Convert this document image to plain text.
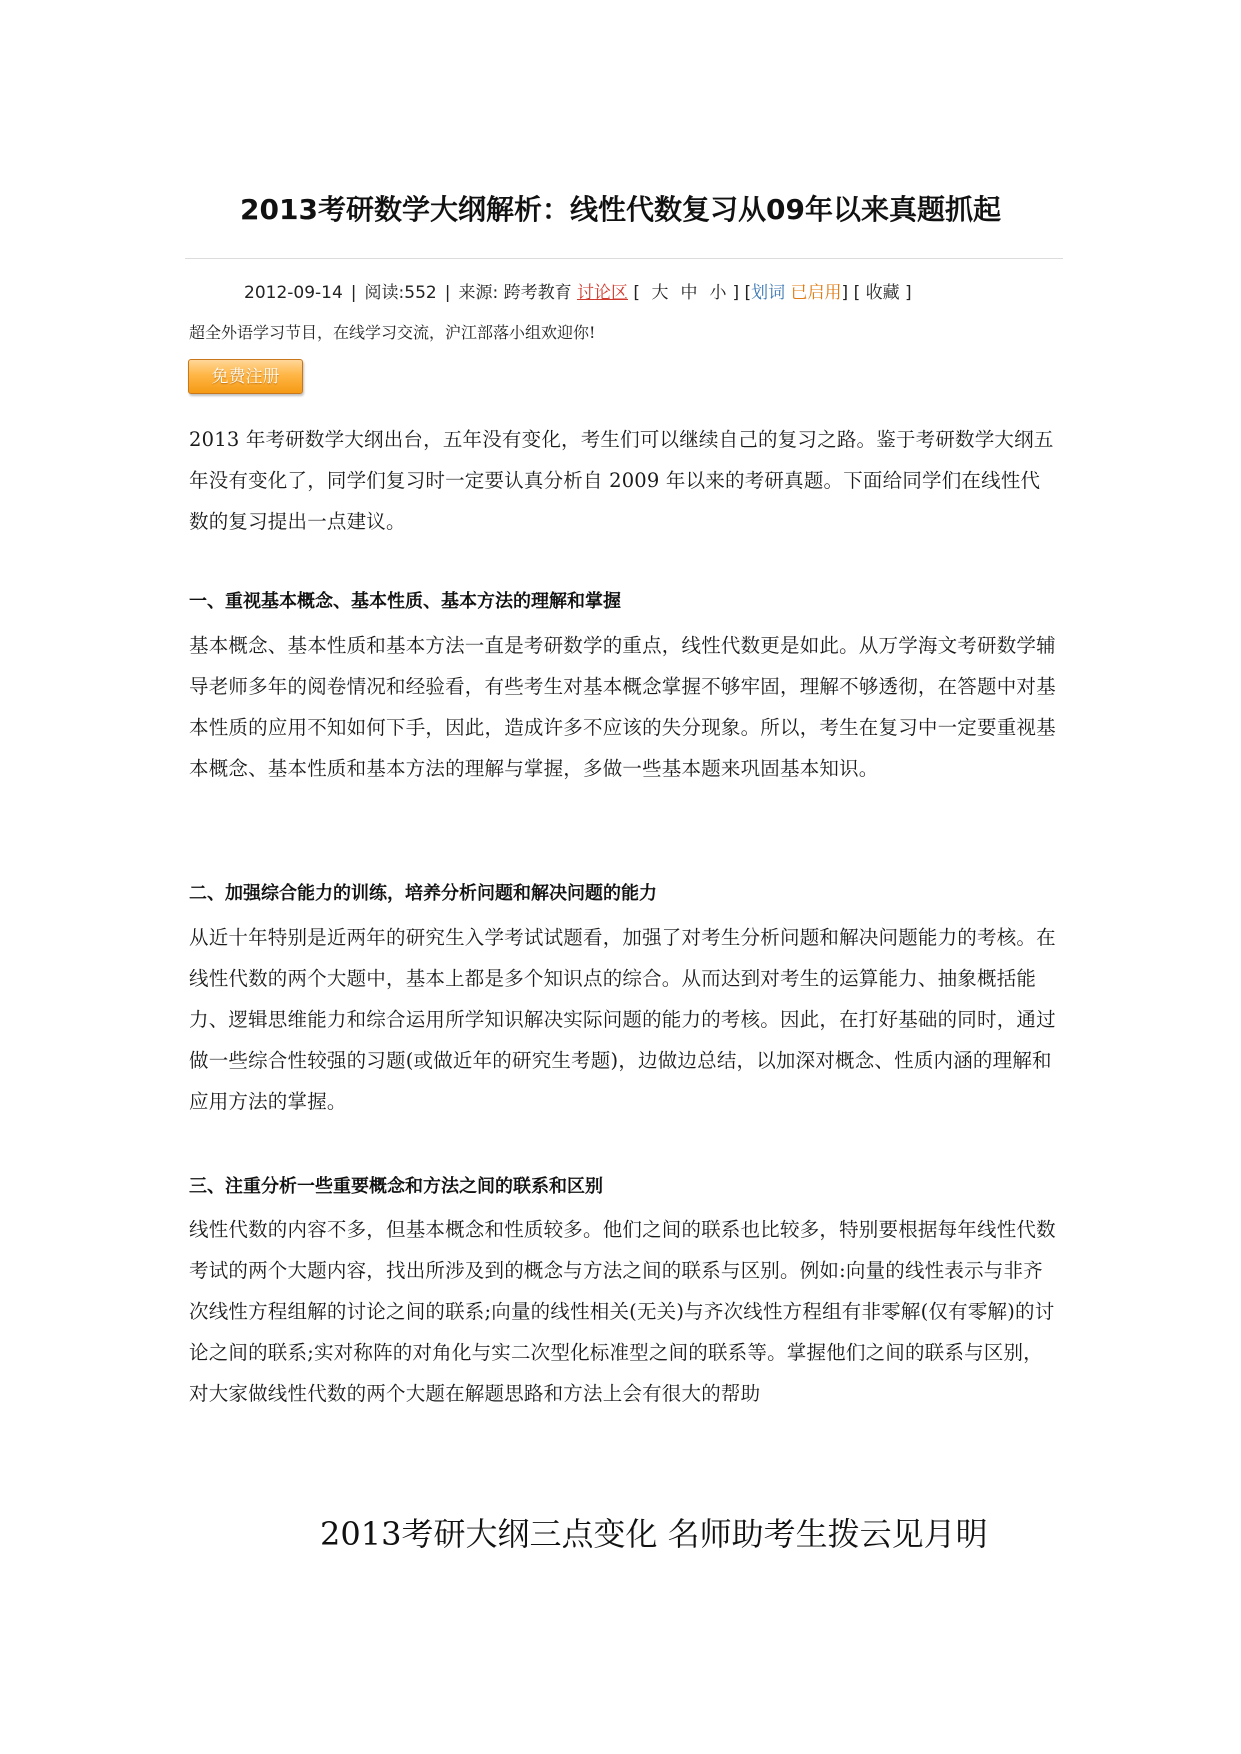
2013考研数学大纲解析：线性代数复习从09年以来真题抓起
2012-09-14 | 阅读:552 | 来源: 跨考教育 讨论区 [ 大 中 小 ] [划词 已启用] [ 收藏 ]
超全外语学习节目，在线学习交流，沪江部落小组欢迎你!
免费注册

2013 年考研数学大纲出台，五年没有变化，考生们可以继续自己的复习之路。鉴于考研数学大纲五年没有变化了，同学们复习时一定要认真分析自 2009 年以来的考研真题。下面给同学们在线性代数的复习提出一点建议。

一、重视基本概念、基本性质、基本方法的理解和掌握

基本概念、基本性质和基本方法一直是考研数学的重点，线性代数更是如此。从万学海文考研数学辅导老师多年的阅卷情况和经验看，有些考生对基本概念掌握不够牢固，理解不够透彻，在答题中对基本性质的应用不知如何下手，因此，造成许多不应该的失分现象。所以，考生在复习中一定要重视基本概念、基本性质和基本方法的理解与掌握，多做一些基本题来巩固基本知识。

二、加强综合能力的训练，培养分析问题和解决问题的能力

从近十年特别是近两年的研究生入学考试试题看，加强了对考生分析问题和解决问题能力的考核。在线性代数的两个大题中，基本上都是多个知识点的综合。从而达到对考生的运算能力、抽象概括能力、逻辑思维能力和综合运用所学知识解决实际问题的能力的考核。因此，在打好基础的同时，通过做一些综合性较强的习题(或做近年的研究生考题)，边做边总结，以加深对概念、性质内涵的理解和应用方法的掌握。

三、注重分析一些重要概念和方法之间的联系和区别

线性代数的内容不多，但基本概念和性质较多。他们之间的联系也比较多，特别要根据每年线性代数考试的两个大题内容，找出所涉及到的概念与方法之间的联系与区别。例如:向量的线性表示与非齐次线性方程组解的讨论之间的联系;向量的线性相关(无关)与齐次线性方程组有非零解(仅有零解)的讨论之间的联系;实对称阵的对角化与实二次型化标准型之间的联系等。掌握他们之间的联系与区别，对大家做线性代数的两个大题在解题思路和方法上会有很大的帮助

2013考研大纲三点变化 名师助考生拨云见月明
